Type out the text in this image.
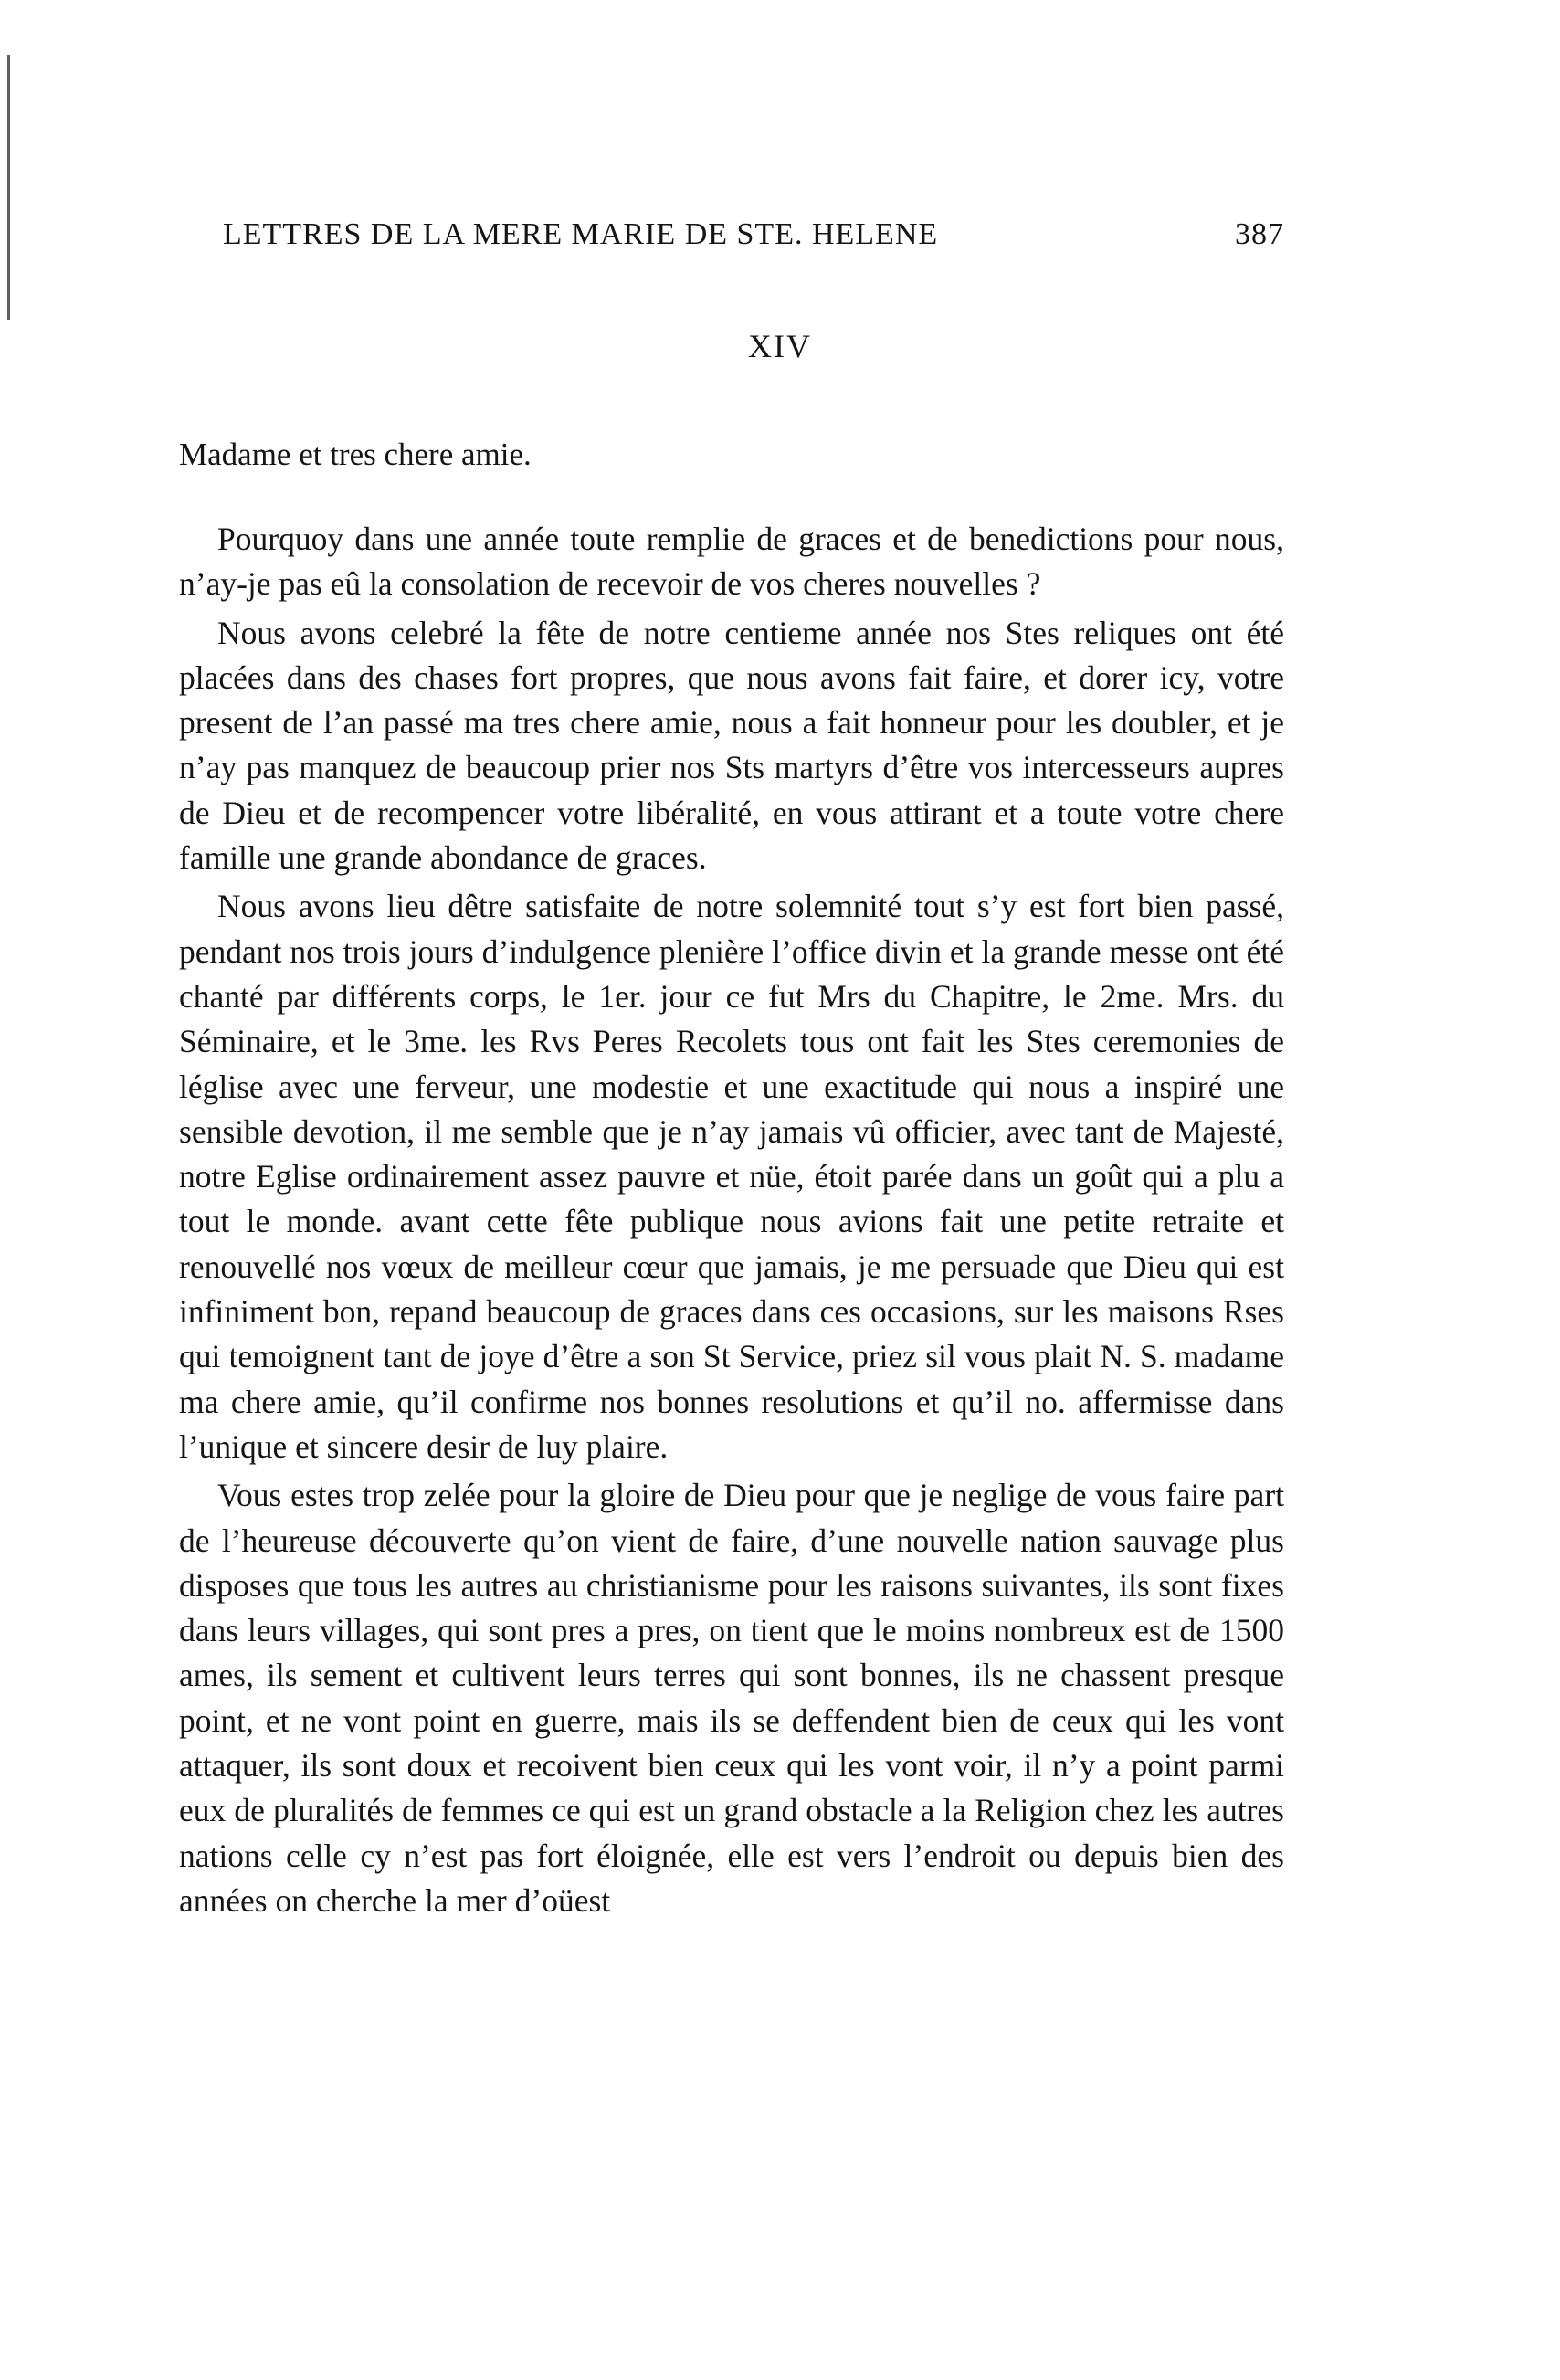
LETTRES DE LA MERE MARIE DE STE. HELENE	387
XIV
Madame et tres chere amie.

Pourquoy dans une année toute remplie de graces et de benedictions pour nous, n’ay-je pas eû la consolation de recevoir de vos cheres nouvelles ?

Nous avons celebré la fête de notre centieme année nos Stes reliques ont été placées dans des chases fort propres, que nous avons fait faire, et dorer icy, votre present de l’an passé ma tres chere amie, nous a fait honneur pour les doubler, et je n’ay pas manquez de beaucoup prier nos Sts martyrs d’être vos intercesseurs aupres de Dieu et de recompencer votre libéralité, en vous attirant et a toute votre chere famille une grande abondance de graces.

Nous avons lieu dêtre satisfaite de notre solemnité tout s’y est fort bien passé, pendant nos trois jours d’indulgence plenière l’office divin et la grande messe ont été chanté par différents corps, le 1er. jour ce fut Mrs du Chapitre, le 2me. Mrs. du Séminaire, et le 3me. les Rvs Peres Recolets tous ont fait les Stes ceremonies de léglise avec une ferveur, une modestie et une exactitude qui nous a inspiré une sensible devotion, il me semble que je n’ay jamais vû officier, avec tant de Majesté, notre Eglise ordinairement assez pauvre et nüe, étoit parée dans un goût qui a plu a tout le monde. avant cette fête publique nous avions fait une petite retraite et renouvellé nos vœux de meilleur cœur que jamais, je me persuade que Dieu qui est infiniment bon, repand beaucoup de graces dans ces occasions, sur les maisons Rses qui temoignent tant de joye d’être a son St Service, priez sil vous plait N. S. madame ma chere amie, qu’il confirme nos bonnes resolutions et qu’il no. affermisse dans l’unique et sincere desir de luy plaire.

Vous estes trop zelée pour la gloire de Dieu pour que je neglige de vous faire part de l’heureuse découverte qu’on vient de faire, d’une nouvelle nation sauvage plus disposes que tous les autres au christianisme pour les raisons suivantes, ils sont fixes dans leurs villages, qui sont pres a pres, on tient que le moins nombreux est de 1500 ames, ils sement et cultivent leurs terres qui sont bonnes, ils ne chassent presque point, et ne vont point en guerre, mais ils se deffendent bien de ceux qui les vont attaquer, ils sont doux et recoivent bien ceux qui les vont voir, il n’y a point parmi eux de pluralités de femmes ce qui est un grand obstacle a la Religion chez les autres nations celle cy n’est pas fort éloignée, elle est vers l’endroit ou depuis bien des années on cherche la mer d’oüest
